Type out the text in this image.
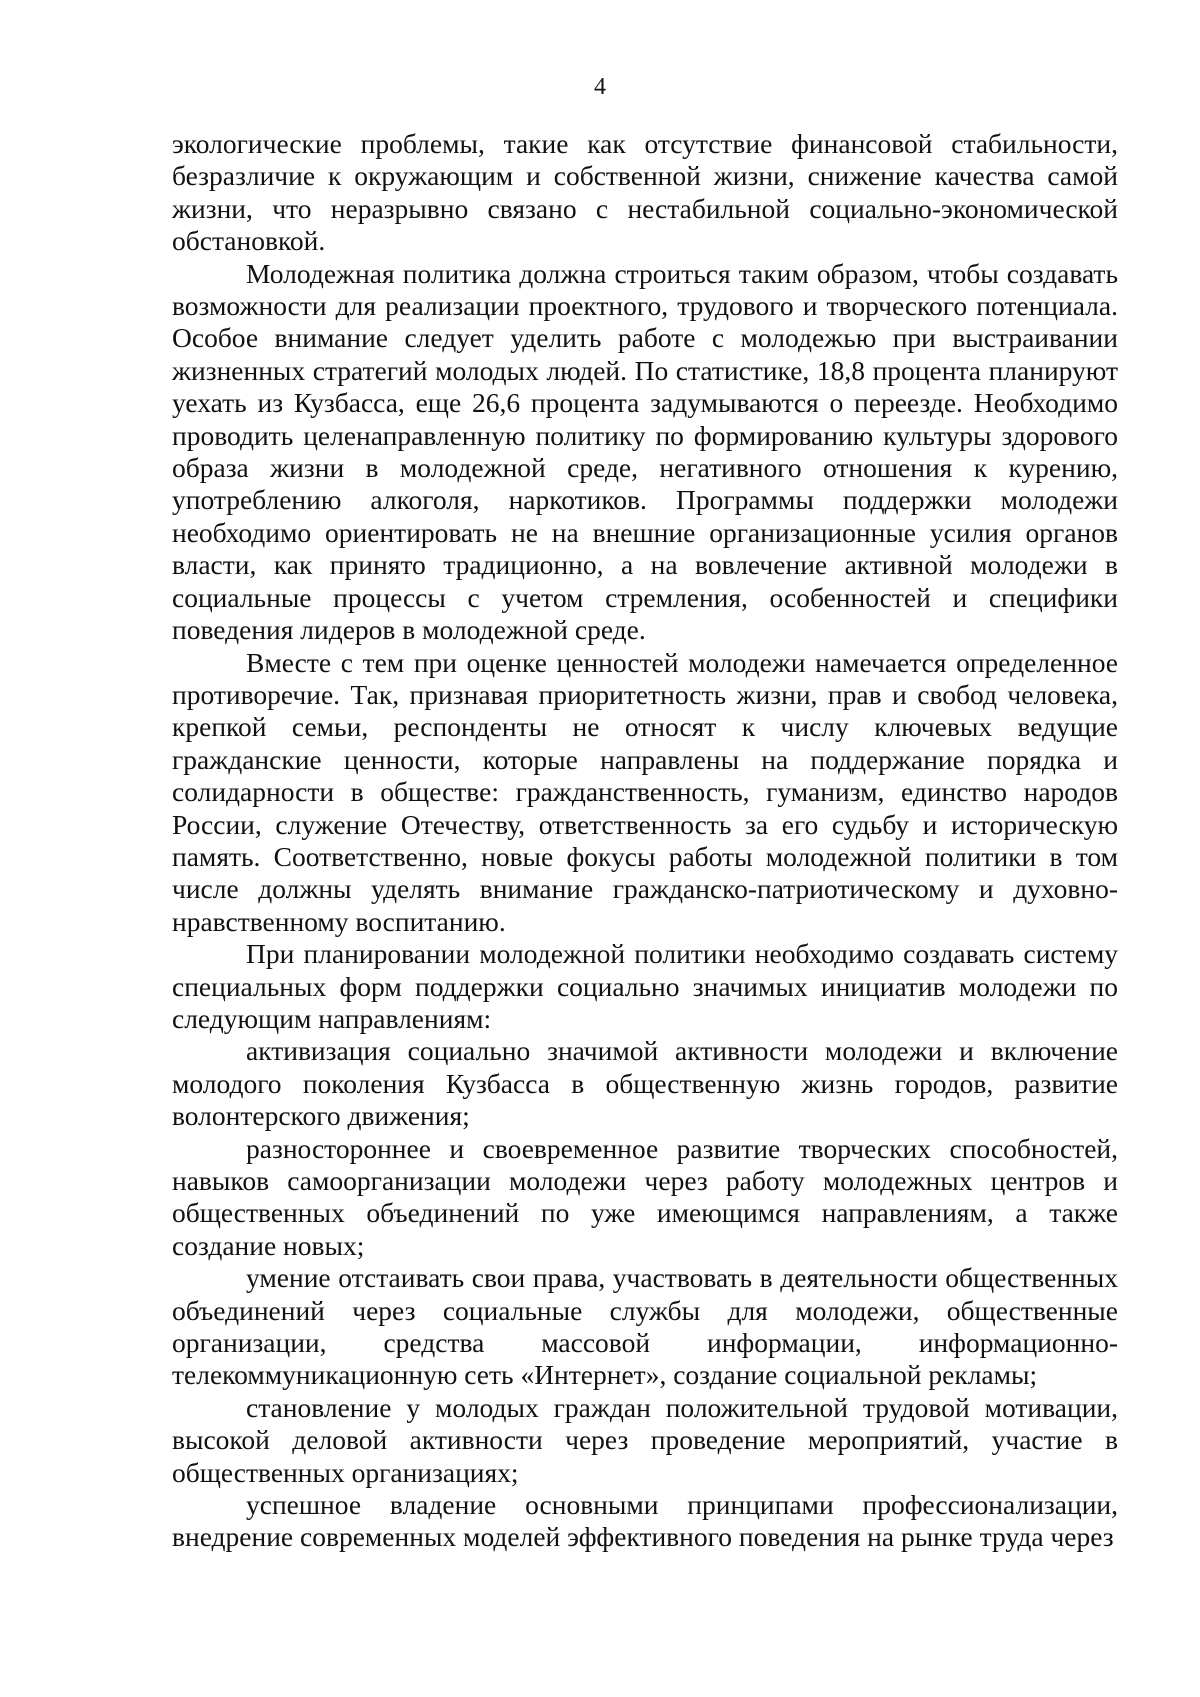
4

экологические проблемы, такие как отсутствие финансовой стабильности, безразличие к окружающим и собственной жизни, снижение качества самой жизни, что неразрывно связано с нестабильной социально-экономической обстановкой.

Молодежная политика должна строиться таким образом, чтобы создавать возможности для реализации проектного, трудового и творческого потенциала. Особое внимание следует уделить работе с молодежью при выстраивании жизненных стратегий молодых людей. По статистике, 18,8 процента планируют уехать из Кузбасса, еще 26,6 процента задумываются о переезде. Необходимо проводить целенаправленную политику по формированию культуры здорового образа жизни в молодежной среде, негативного отношения к курению, употреблению алкоголя, наркотиков. Программы поддержки молодежи необходимо ориентировать не на внешние организационные усилия органов власти, как принято традиционно, а на вовлечение активной молодежи в социальные процессы с учетом стремления, особенностей и специфики поведения лидеров в молодежной среде.

Вместе с тем при оценке ценностей молодежи намечается определенное противоречие. Так, признавая приоритетность жизни, прав и свобод человека, крепкой семьи, респонденты не относят к числу ключевых ведущие гражданские ценности, которые направлены на поддержание порядка и солидарности в обществе: гражданственность, гуманизм, единство народов России, служение Отечеству, ответственность за его судьбу и историческую память. Соответственно, новые фокусы работы молодежной политики в том числе должны уделять внимание гражданско-патриотическому и духовно-нравственному воспитанию.

При планировании молодежной политики необходимо создавать систему специальных форм поддержки социально значимых инициатив молодежи по следующим направлениям:

активизация социально значимой активности молодежи и включение молодого поколения Кузбасса в общественную жизнь городов, развитие волонтерского движения;

разностороннее и своевременное развитие творческих способностей, навыков самоорганизации молодежи через работу молодежных центров и общественных объединений по уже имеющимся направлениям, а также создание новых;

умение отстаивать свои права, участвовать в деятельности общественных объединений через социальные службы для молодежи, общественные организации, средства массовой информации, информационно-телекоммуникационную сеть «Интернет», создание социальной рекламы;

становление у молодых граждан положительной трудовой мотивации, высокой деловой активности через проведение мероприятий, участие в общественных организациях;

успешное владение основными принципами профессионализации, внедрение современных моделей эффективного поведения на рынке труда через
